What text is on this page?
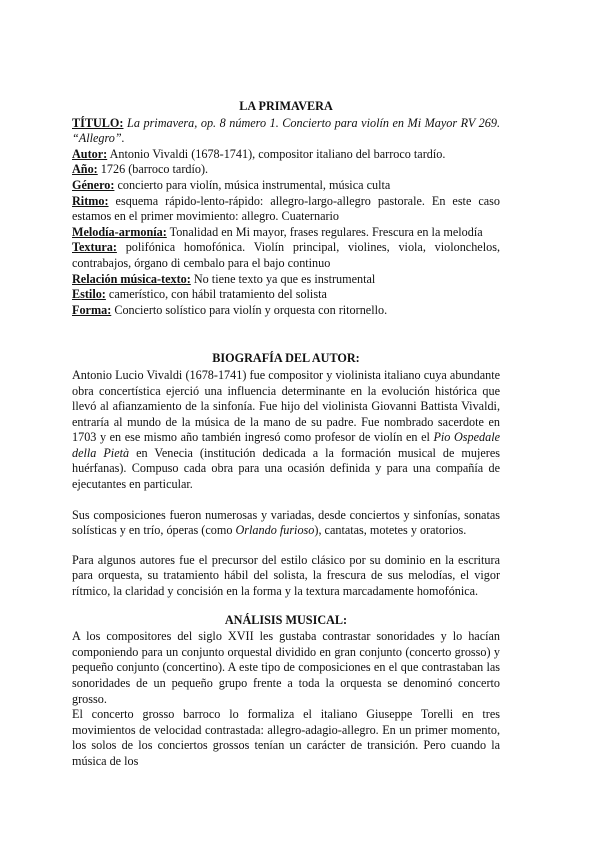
LA PRIMAVERA

TÍTULO: La primavera, op. 8 número 1. Concierto para violín en Mi Mayor RV 269. “Allegro”.

Autor: Antonio Vivaldi (1678-1741), compositor italiano del barroco tardío.

Año: 1726 (barroco tardío).

Género: concierto para violín, música instrumental, música culta

Ritmo: esquema rápido-lento-rápido: allegro-largo-allegro pastorale. En este caso estamos en el primer movimiento: allegro. Cuaternario

Melodía-armonía: Tonalidad en Mi mayor, frases regulares. Frescura en la melodía

Textura: polifónica homofónica. Violín principal, violines, viola, violonchelos, contrabajos, órgano di cembalo para el bajo continuo

Relación música-texto: No tiene texto ya que es instrumental

Estilo: camerístico, con hábil tratamiento del solista

Forma: Concierto solístico para violín y orquesta con ritornello.

BIOGRAFÍA DEL AUTOR:

Antonio Lucio Vivaldi (1678-1741) fue compositor y violinista italiano cuya abundante obra concertística ejerció una influencia determinante en la evolución histórica que llevó al afianzamiento de la sinfonía. Fue hijo del violinista Giovanni Battista Vivaldi, entraría al mundo de la música de la mano de su padre. Fue nombrado sacerdote en 1703 y en ese mismo año también ingresó como profesor de violín en el Pio Ospedale della Pietà en Venecia (institución dedicada a la formación musical de mujeres huérfanas). Compuso cada obra para una ocasión definida y para una compañía de ejecutantes en particular.

Sus composiciones fueron numerosas y variadas, desde conciertos y sinfonías, sonatas solísticas y en trío, óperas (como Orlando furioso), cantatas, motetes y oratorios.

Para algunos autores fue el precursor del estilo clásico por su dominio en la escritura para orquesta, su tratamiento hábil del solista, la frescura de sus melodías, el vigor rítmico, la claridad y concisión en la forma y la textura marcadamente homofónica.

ANÁLISIS MUSICAL:

A los compositores del siglo XVII les gustaba contrastar sonoridades y lo hacían componiendo para un conjunto orquestal dividido en gran conjunto (concerto grosso) y pequeño conjunto (concertino). A este tipo de composiciones en el que contrastaban las sonoridades de un pequeño grupo frente a toda la orquesta se denominó concerto grosso.

El concerto grosso barroco lo formaliza el italiano Giuseppe Torelli en tres movimientos de velocidad contrastada: allegro-adagio-allegro. En un primer momento, los solos de los conciertos grossos tenían un carácter de transición. Pero cuando la música de los
